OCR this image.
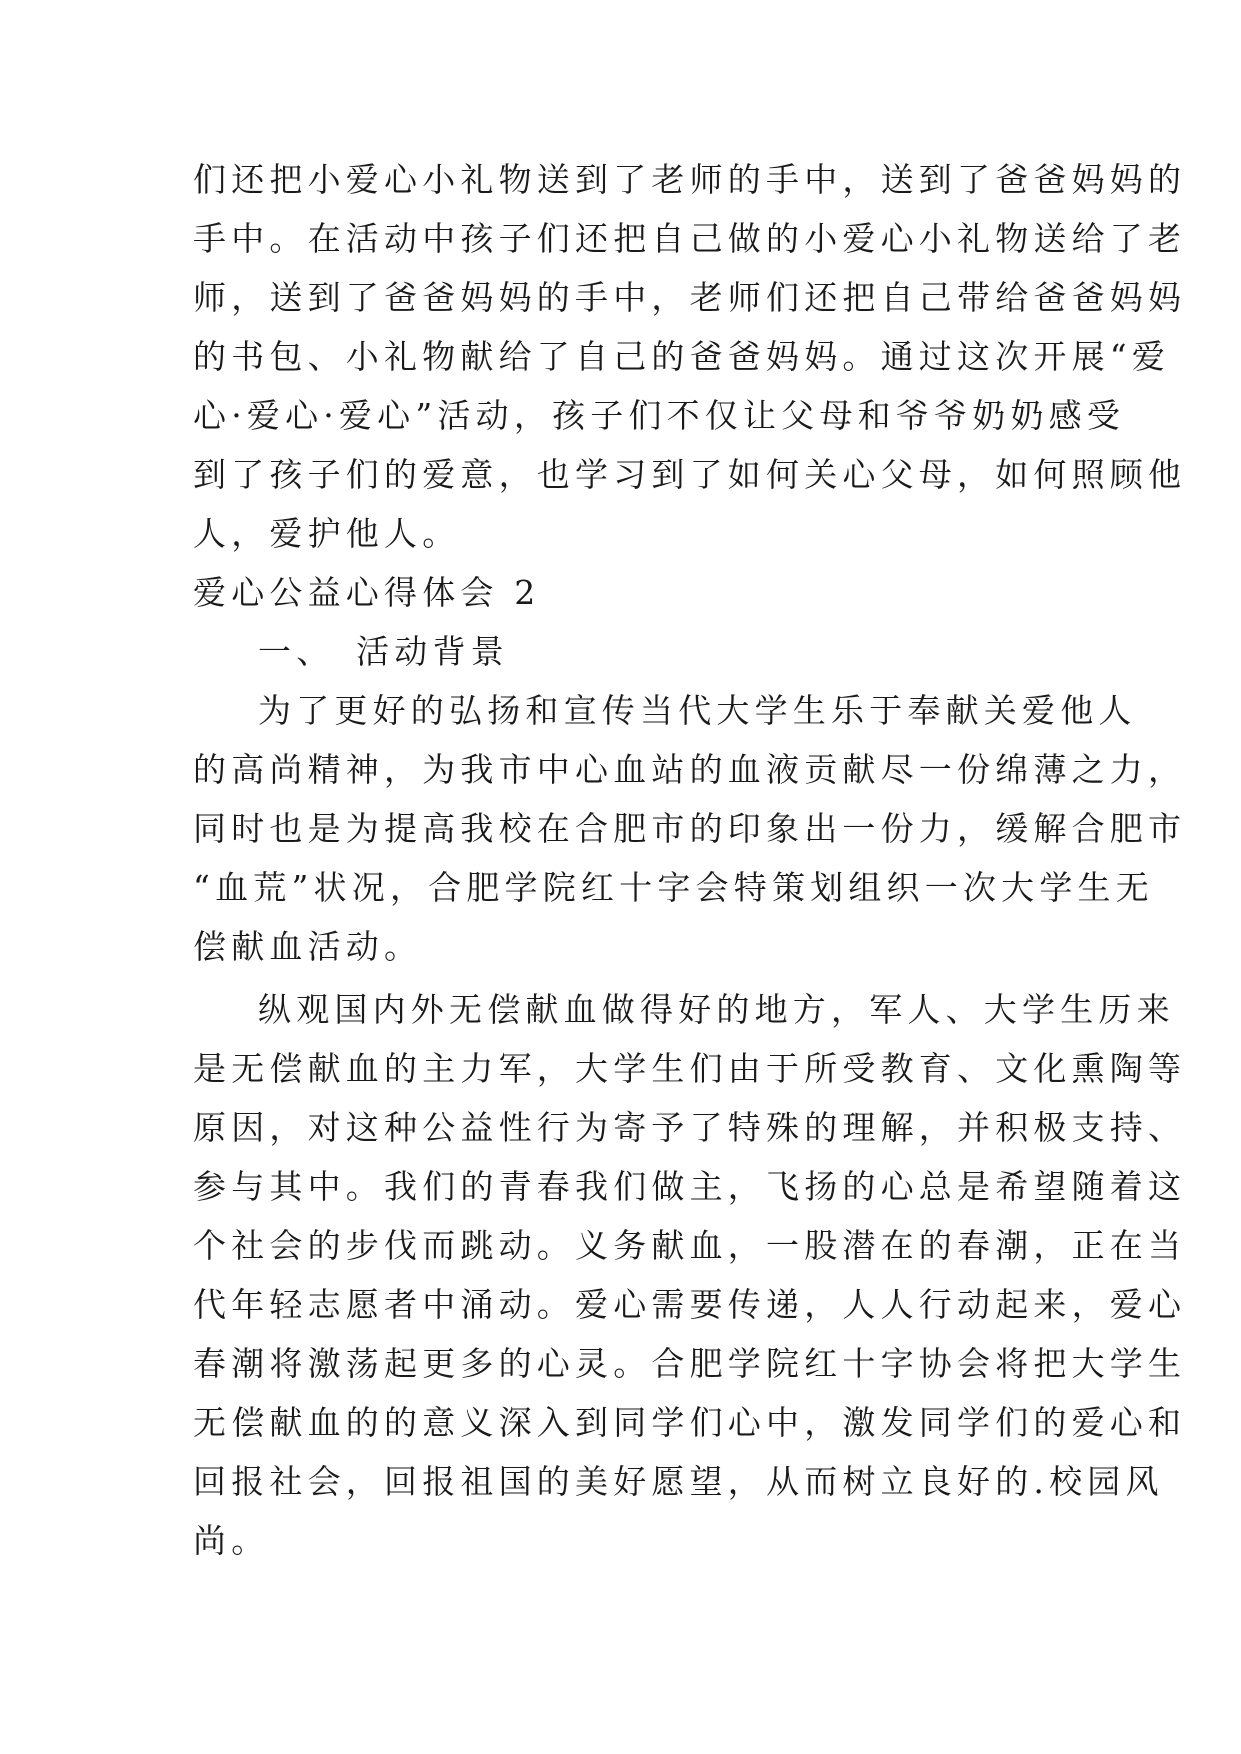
们还把小爱心小礼物送到了老师的手中，送到了爸爸妈妈的
手中。在活动中孩子们还把自己做的小爱心小礼物送给了老
师，送到了爸爸妈妈的手中，老师们还把自己带给爸爸妈妈
的书包、小礼物献给了自己的爸爸妈妈。通过这次开展“爱
心·爱心·爱心”活动，孩子们不仅让父母和爷爷奶奶感受
到了孩子们的爱意，也学习到了如何关心父母，如何照顾他
人，爱护他人。
爱心公益心得体会 2
一、　活动背景
为了更好的弘扬和宣传当代大学生乐于奉献关爱他人
的高尚精神，为我市中心血站的血液贡献尽一份绵薄之力，
同时也是为提高我校在合肥市的印象出一份力，缓解合肥市
“血荒”状况，合肥学院红十字会特策划组织一次大学生无
偿献血活动。
纵观国内外无偿献血做得好的地方，军人、大学生历来
是无偿献血的主力军，大学生们由于所受教育、文化熏陶等
原因，对这种公益性行为寄予了特殊的理解，并积极支持、
参与其中。我们的青春我们做主，飞扬的心总是希望随着这
个社会的步伐而跳动。义务献血，一股潜在的春潮，正在当
代年轻志愿者中涌动。爱心需要传递，人人行动起来，爱心
春潮将激荡起更多的心灵。合肥学院红十字协会将把大学生
无偿献血的的意义深入到同学们心中，激发同学们的爱心和
回报社会，回报祖国的美好愿望，从而树立良好的.校园风
尚。
